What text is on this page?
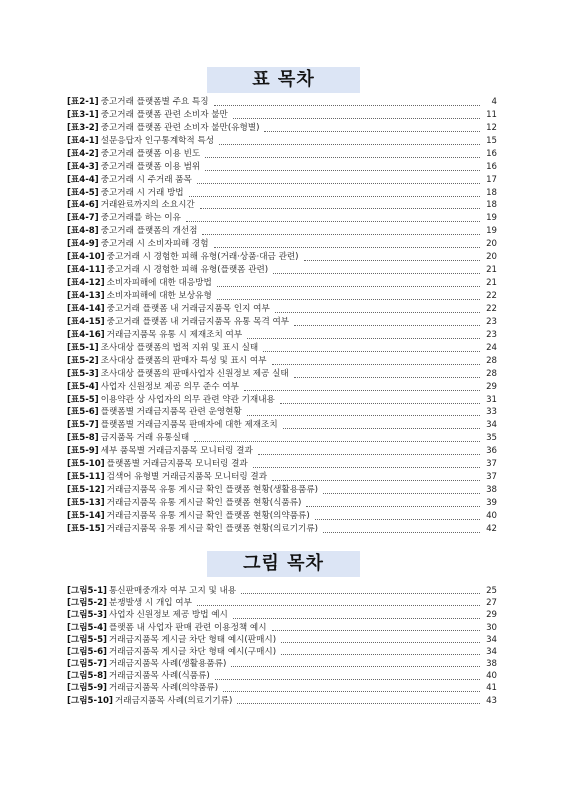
표 목차
[표2-1] 중고거래 플랫폼별 주요 특징	4
[표3-1] 중고거래 플랫폼 관련 소비자 불만	11
[표3-2] 중고거래 플랫폼 관련 소비자 불만(유형별)	12
[표4-1] 설문응답자 인구통계학적 특성	15
[표4-2] 중고거래 플랫폼 이용 빈도	16
[표4-3] 중고거래 플랫폼 이용 범위	16
[표4-4] 중고거래 시 주거래 품목	17
[표4-5] 중고거래 시 거래 방법	18
[표4-6] 거래완료까지의 소요시간	18
[표4-7] 중고거래를 하는 이유	19
[표4-8] 중고거래 플랫폼의 개선점	19
[표4-9] 중고거래 시 소비자피해 경험	20
[표4-10] 중고거래 시 경험한 피해 유형(거래·상품·대금 관련)	20
[표4-11] 중고거래 시 경험한 피해 유형(플랫폼 관련)	21
[표4-12] 소비자피해에 대한 대응방법	21
[표4-13] 소비자피해에 대한 보상유형	22
[표4-14] 중고거래 플랫폼 내 거래금지품목 인지 여부	22
[표4-15] 중고거래 플랫폼 내 거래금지품목 유통 목격 여부	23
[표4-16] 거래금지품목 유통 시 제재조치 여부	23
[표5-1] 조사대상 플랫폼의 법적 지위 및 표시 실태	24
[표5-2] 조사대상 플랫폼의 판매자 특성 및 표시 여부	28
[표5-3] 조사대상 플랫폼의 판매사업자 신원정보 제공 실태	28
[표5-4] 사업자 신원정보 제공 의무 준수 여부	29
[표5-5] 이용약관 상 사업자의 의무 관련 약관 기재내용	31
[표5-6] 플랫폼별 거래금지품목 관련 운영현황	33
[표5-7] 플랫폼별 거래금지품목 판매자에 대한 제재조치	34
[표5-8] 금지품목 거래 유통실태	35
[표5-9] 세부 품목별 거래금지품목 모니터링 결과	36
[표5-10] 플랫폼별 거래금지품목 모니터링 결과	37
[표5-11] 검색어 유형별 거래금지품목 모니터링 결과	37
[표5-12] 거래금지품목 유통 게시글 확인 플랫폼 현황(생활용품류)	38
[표5-13] 거래금지품목 유통 게시글 확인 플랫폼 현황(식품류)	39
[표5-14] 거래금지품목 유통 게시글 확인 플랫폼 현황(의약품류)	40
[표5-15] 거래금지품목 유통 게시글 확인 플랫폼 현황(의료기기류)	42
그림 목차
[그림5-1] 통신판매중개자 여부 고지 및 내용	25
[그림5-2] 분쟁발생 시 개입 여부	27
[그림5-3] 사업자 신원정보 제공 방법 예시	29
[그림5-4] 플랫폼 내 사업자 판매 관련 이용정책 예시	30
[그림5-5] 거래금지품목 게시글 차단 형태 예시(판매시)	34
[그림5-6] 거래금지품목 게시글 차단 형태 예시(구매시)	34
[그림5-7] 거래금지품목 사례(생활용품류)	38
[그림5-8] 거래금지품목 사례(식품류)	40
[그림5-9] 거래금지품목 사례(의약품류)	41
[그림5-10] 거래금지품목 사례(의료기기류)	43
